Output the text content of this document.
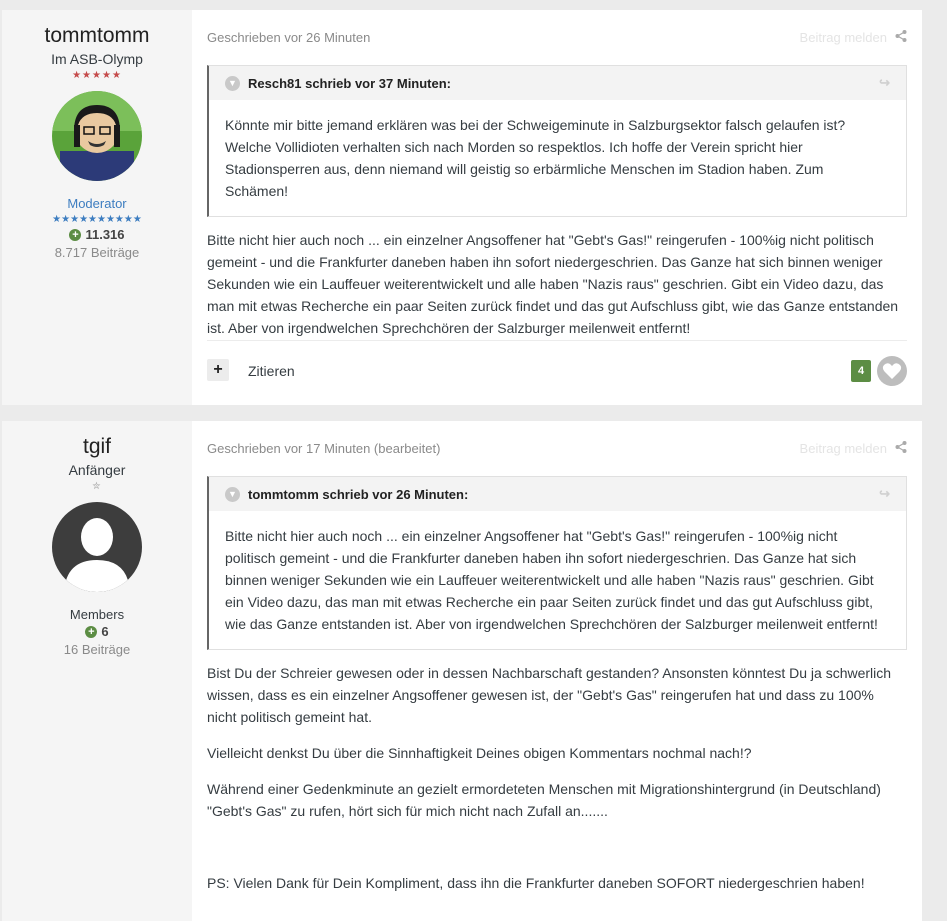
tommtomm
Im ASB-Olymp
★★★★★
Moderator
★★★★★★★★★★
+ 11.316
8.717 Beiträge
Geschrieben vor 26 Minuten	Beitrag melden
▼ Resch81 schrieb vor 37 Minuten:	↪
Könnte mir bitte jemand erklären was bei der Schweigeminute in Salzburgsektor falsch gelaufen ist? Welche Vollidioten verhalten sich nach Morden so respektlos. Ich hoffe der Verein spricht hier Stadionsperren aus, denn niemand will geistig so erbärmliche Menschen im Stadion haben. Zum Schämen!

Bitte nicht hier auch noch ... ein einzelner Angsoffener hat "Gebt's Gas!" reingerufen - 100%ig nicht politisch gemeint - und die Frankfurter daneben haben ihn sofort niedergeschrien. Das Ganze hat sich binnen weniger Sekunden wie ein Lauffeuer weiterentwickelt und alle haben "Nazis raus" geschrien. Gibt ein Video dazu, das man mit etwas Recherche ein paar Seiten zurück findet und das gut Aufschluss gibt, wie das Ganze entstanden ist. Aber von irgendwelchen Sprechchören der Salzburger meilenweit entfernt!

+	Zitieren	4
tgif
Anfänger
✮
Members
+ 6
16 Beiträge
Geschrieben vor 17 Minuten (bearbeitet)	Beitrag melden
▼ tommtomm schrieb vor 26 Minuten:	↪
Bitte nicht hier auch noch ... ein einzelner Angsoffener hat "Gebt's Gas!" reingerufen - 100%ig nicht politisch gemeint - und die Frankfurter daneben haben ihn sofort niedergeschrien. Das Ganze hat sich binnen weniger Sekunden wie ein Lauffeuer weiterentwickelt und alle haben "Nazis raus" geschrien. Gibt ein Video dazu, das man mit etwas Recherche ein paar Seiten zurück findet und das gut Aufschluss gibt, wie das Ganze entstanden ist. Aber von irgendwelchen Sprechchören der Salzburger meilenweit entfernt!

Bist Du der Schreier gewesen oder in dessen Nachbarschaft gestanden? Ansonsten könntest Du ja schwerlich wissen, dass es ein einzelner Angsoffener gewesen ist, der "Gebt's Gas" reingerufen hat und dass zu 100% nicht politisch gemeint hat.

Vielleicht denkst Du über die Sinnhaftigkeit Deines obigen Kommentars nochmal nach!?

Während einer Gedenkminute an gezielt ermordeteten Menschen mit Migrationshintergrund (in Deutschland) "Gebt's Gas" zu rufen, hört sich für mich nicht nach Zufall an.......

PS: Vielen Dank für Dein Kompliment, dass ihn die Frankfurter daneben SOFORT niedergeschrien haben!
